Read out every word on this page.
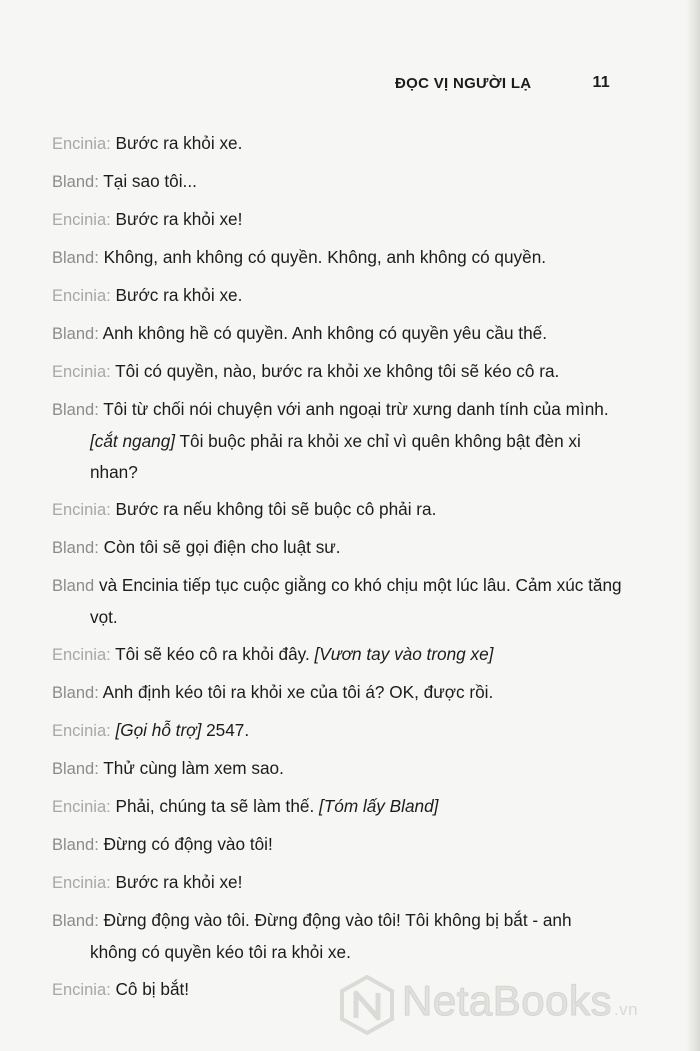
ĐỌC VỊ NGƯỜI LẠ	11
Encinia: Bước ra khỏi xe.
Bland: Tại sao tôi...
Encinia: Bước ra khỏi xe!
Bland: Không, anh không có quyền. Không, anh không có quyền.
Encinia: Bước ra khỏi xe.
Bland: Anh không hề có quyền. Anh không có quyền yêu cầu thế.
Encinia: Tôi có quyền, nào, bước ra khỏi xe không tôi sẽ kéo cô ra.
Bland: Tôi từ chối nói chuyện với anh ngoại trừ xưng danh tính của mình. [cắt ngang] Tôi buộc phải ra khỏi xe chỉ vì quên không bật đèn xi nhan?
Encinia: Bước ra nếu không tôi sẽ buộc cô phải ra.
Bland: Còn tôi sẽ gọi điện cho luật sư.
Bland và Encinia tiếp tục cuộc giằng co khó chịu một lúc lâu. Cảm xúc tăng vọt.
Encinia: Tôi sẽ kéo cô ra khỏi đây. [Vươn tay vào trong xe]
Bland: Anh định kéo tôi ra khỏi xe của tôi á? OK, được rồi.
Encinia: [Gọi hỗ trợ] 2547.
Bland: Thử cùng làm xem sao.
Encinia: Phải, chúng ta sẽ làm thế. [Tóm lấy Bland]
Bland: Đừng có động vào tôi!
Encinia: Bước ra khỏi xe!
Bland: Đừng động vào tôi. Đừng động vào tôi! Tôi không bị bắt - anh không có quyền kéo tôi ra khỏi xe.
Encinia: Cô bị bắt!	NetaBooks .vn
